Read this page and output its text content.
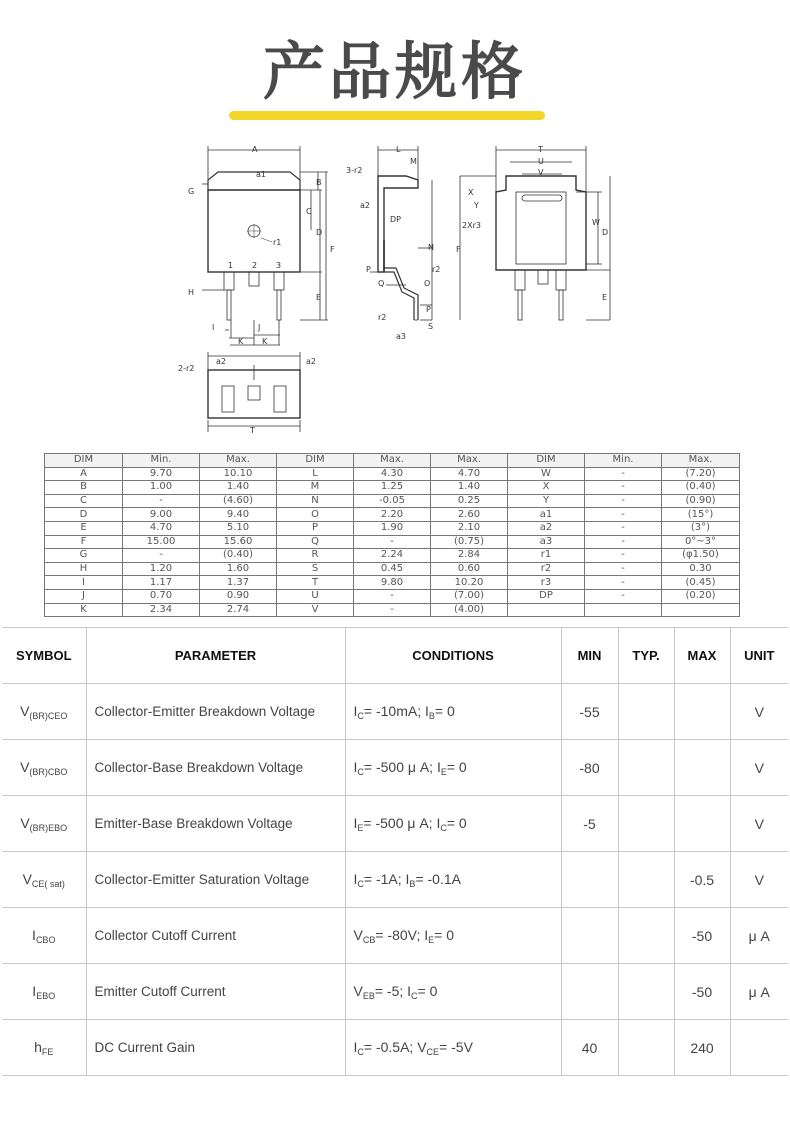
产品规格
A
a1
G
B
C
D
F
E
H
I	J
K K
1 2 3
r1
L
M
3-r2
a2
DP
N
P
Q	O
r2
r2
P
S
a3
T
U
V
X
Y
2Xr3	W
D
F
E
2-r2
a2	a2
T
DIM	Min.	Max.	DIM	Max.	Max.	DIM	Min.	Max.
A	9.70	10.10	L	4.30	4.70	W	-	(7.20)
B	1.00	1.40	M	1.25	1.40	X	-	(0.40)
C	-	(4.60)	N	-0.05	0.25	Y	-	(0.90)
D	9.00	9.40	O	2.20	2.60	a1	-	(15°)
E	4.70	5.10	P	1.90	2.10	a2	-	(3°)
F	15.00	15.60	Q	-	(0.75)	a3	-	0°~3°
G	-	(0.40)	R	2.24	2.84	r1	-	(φ1.50)
H	1.20	1.60	S	0.45	0.60	r2	-	0.30
I	1.17	1.37	T	9.80	10.20	r3	-	(0.45)
J	0.70	0.90	U	-	(7.00)	DP	-	(0.20)
K	2.34	2.74	V	-	(4.00)			
SYMBOL	PARAMETER	CONDITIONS	MIN	TYP.	MAX	UNIT
$V_{(BR)CEO}$	Collector-Emitter Breakdown Voltage	$I_C= -10mA$; $I_B= 0$	-55			V
$V_{(BR)CBO}$	Collector-Base Breakdown Voltage	$I_C= -500$ μ A; $I_E= 0$	-80			V
$V_{(BR)EBO}$	Emitter-Base Breakdown Voltage	$I_E= -500$ μ A; $I_C= 0$	-5			V
$V_{CE( sat)}$	Collector-Emitter Saturation Voltage	$I_C= -1A$; $I_B= -0.1A$			-0.5	V
$I_{CBO}$	Collector Cutoff Current	$V_{CB}= -80V$; $I_E= 0$			-50	μ A
$I_{EBO}$	Emitter Cutoff Current	$V_{EB}= -5$; $I_C= 0$			-50	μ A
$h_{FE}$	DC Current Gain	$I_C= -0.5A$; $V_{CE}= -5V$	40		240	
